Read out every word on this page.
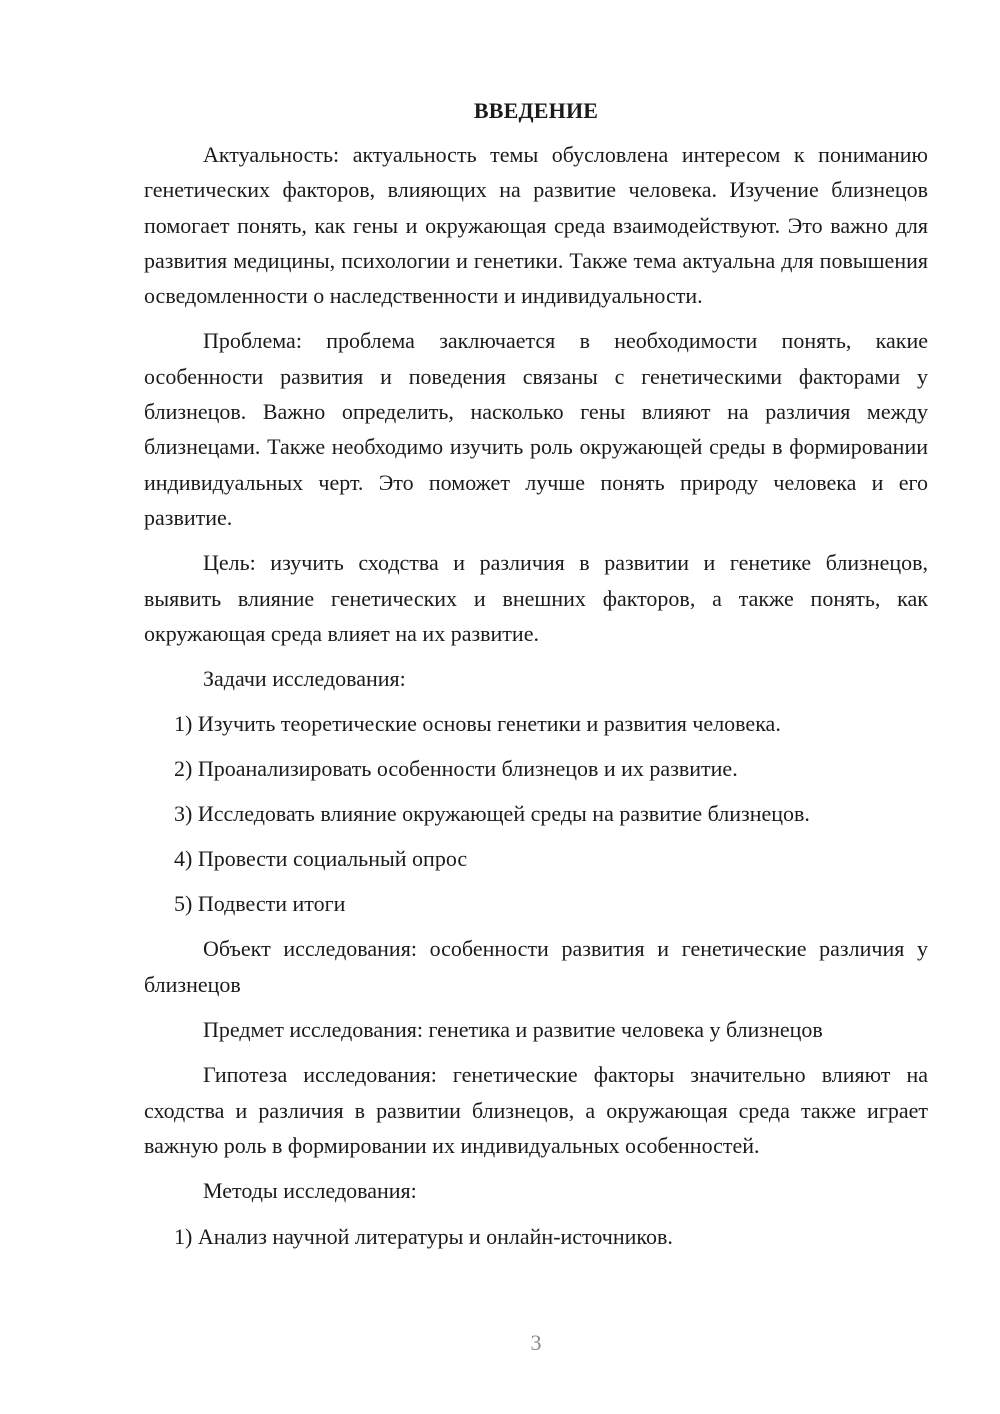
ВВЕДЕНИЕ

Актуальность: актуальность темы обусловлена интересом к пониманию генетических факторов, влияющих на развитие человека. Изучение близнецов помогает понять, как гены и окружающая среда взаимодействуют. Это важно для развития медицины, психологии и генетики. Также тема актуальна для повышения осведомленности о наследственности и индивидуальности.

Проблема: проблема заключается в необходимости понять, какие особенности развития и поведения связаны с генетическими факторами у близнецов. Важно определить, насколько гены влияют на различия между близнецами. Также необходимо изучить роль окружающей среды в формировании индивидуальных черт. Это поможет лучше понять природу человека и его развитие.

Цель: изучить сходства и различия в развитии и генетике близнецов, выявить влияние генетических и внешних факторов, а также понять, как окружающая среда влияет на их развитие.

Задачи исследования:

1) Изучить теоретические основы генетики и развития человека.

2) Проанализировать особенности близнецов и их развитие.

3) Исследовать влияние окружающей среды на развитие близнецов.

4) Провести социальный опрос

5) Подвести итоги

Объект исследования: особенности развития и генетические различия у близнецов

Предмет исследования: генетика и развитие человека у близнецов

Гипотеза исследования: генетические факторы значительно влияют на сходства и различия в развитии близнецов, а окружающая среда также играет важную роль в формировании их индивидуальных особенностей.

Методы исследования:

1) Анализ научной литературы и онлайн-источников.

3
